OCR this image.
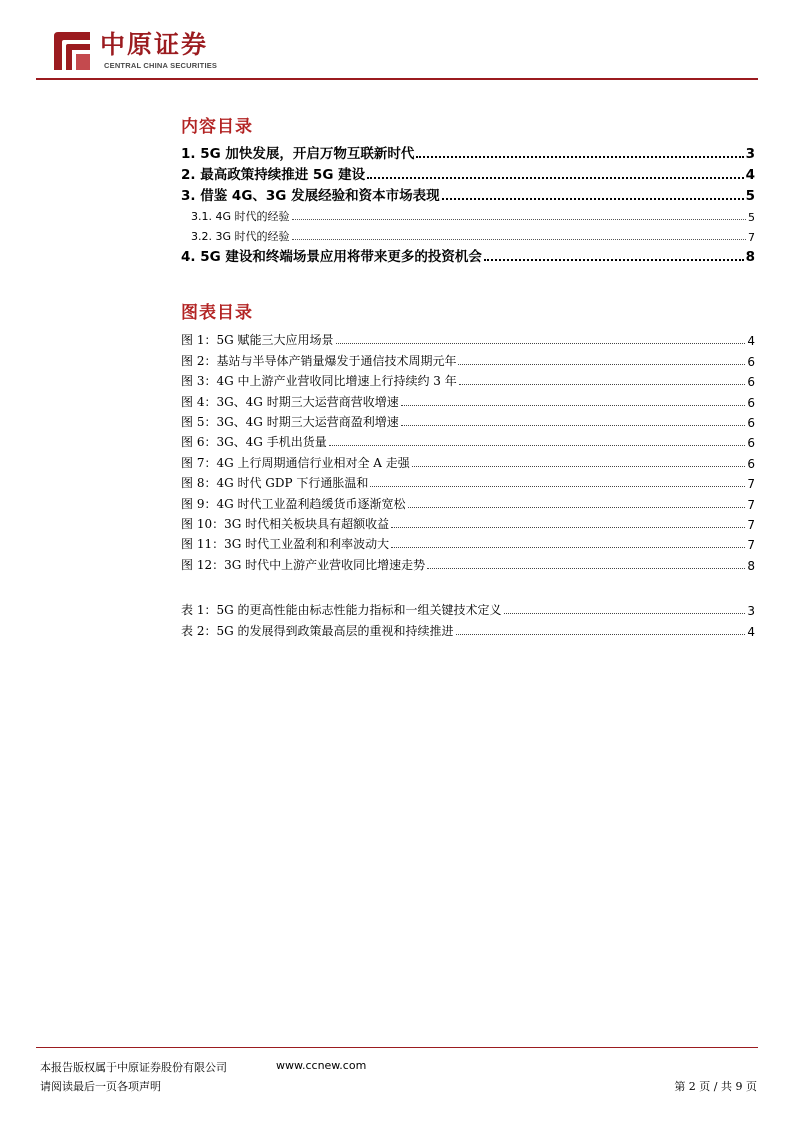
中原证券
CENTRAL CHINA SECURITIES
内容目录
1. 5G 加快发展，开启万物互联新时代	3
2. 最高政策持续推进 5G 建设	4
3. 借鉴 4G、3G 发展经验和资本市场表现	5
3.1. 4G 时代的经验	5
3.2. 3G 时代的经验	7
4. 5G 建设和终端场景应用将带来更多的投资机会	8
图表目录
图 1：5G 赋能三大应用场景	4
图 2：基站与半导体产销量爆发于通信技术周期元年	6
图 3：4G 中上游产业营收同比增速上行持续约 3 年	6
图 4：3G、4G 时期三大运营商营收增速	6
图 5：3G、4G 时期三大运营商盈利增速	6
图 6：3G、4G 手机出货量	6
图 7：4G 上行周期通信行业相对全 A 走强	6
图 8：4G 时代 GDP 下行通胀温和	7
图 9：4G 时代工业盈利趋缓货币逐渐宽松	7
图 10：3G 时代相关板块具有超额收益	7
图 11：3G 时代工业盈利和利率波动大	7
图 12：3G 时代中上游产业营收同比增速走势	8
表 1：5G 的更高性能由标志性能力指标和一组关键技术定义	3
表 2：5G 的发展得到政策最高层的重视和持续推进	4
本报告版权属于中原证券股份有限公司	www.ccnew.com
请阅读最后一页各项声明	第 2 页 / 共 9 页
